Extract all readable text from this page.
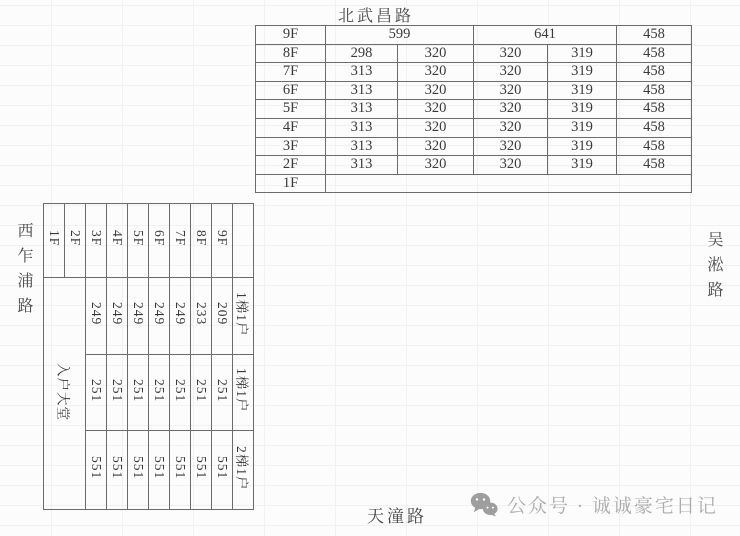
北武昌路
西乍浦路	吴淞路
天潼路
9F	599		641		458
8F	298	320	320	319	458
7F	313	320	320	319	458
6F	313	320	320	319	458
5F	313	320	320	319	458
4F	313	320	320	319	458
3F	313	320	320	319	458
2F	313	320	320	319	458
1F					
1F	2F	3F	4F	5F	6F	7F	8F	9F	
入户大堂		249	249	249	249	249	233	209	1梯1户
		251	251	251	251	251	251	251	1梯1户
		551	551	551	551	551	551	551	2梯1户
公众号 · 诚诚豪宅日记
